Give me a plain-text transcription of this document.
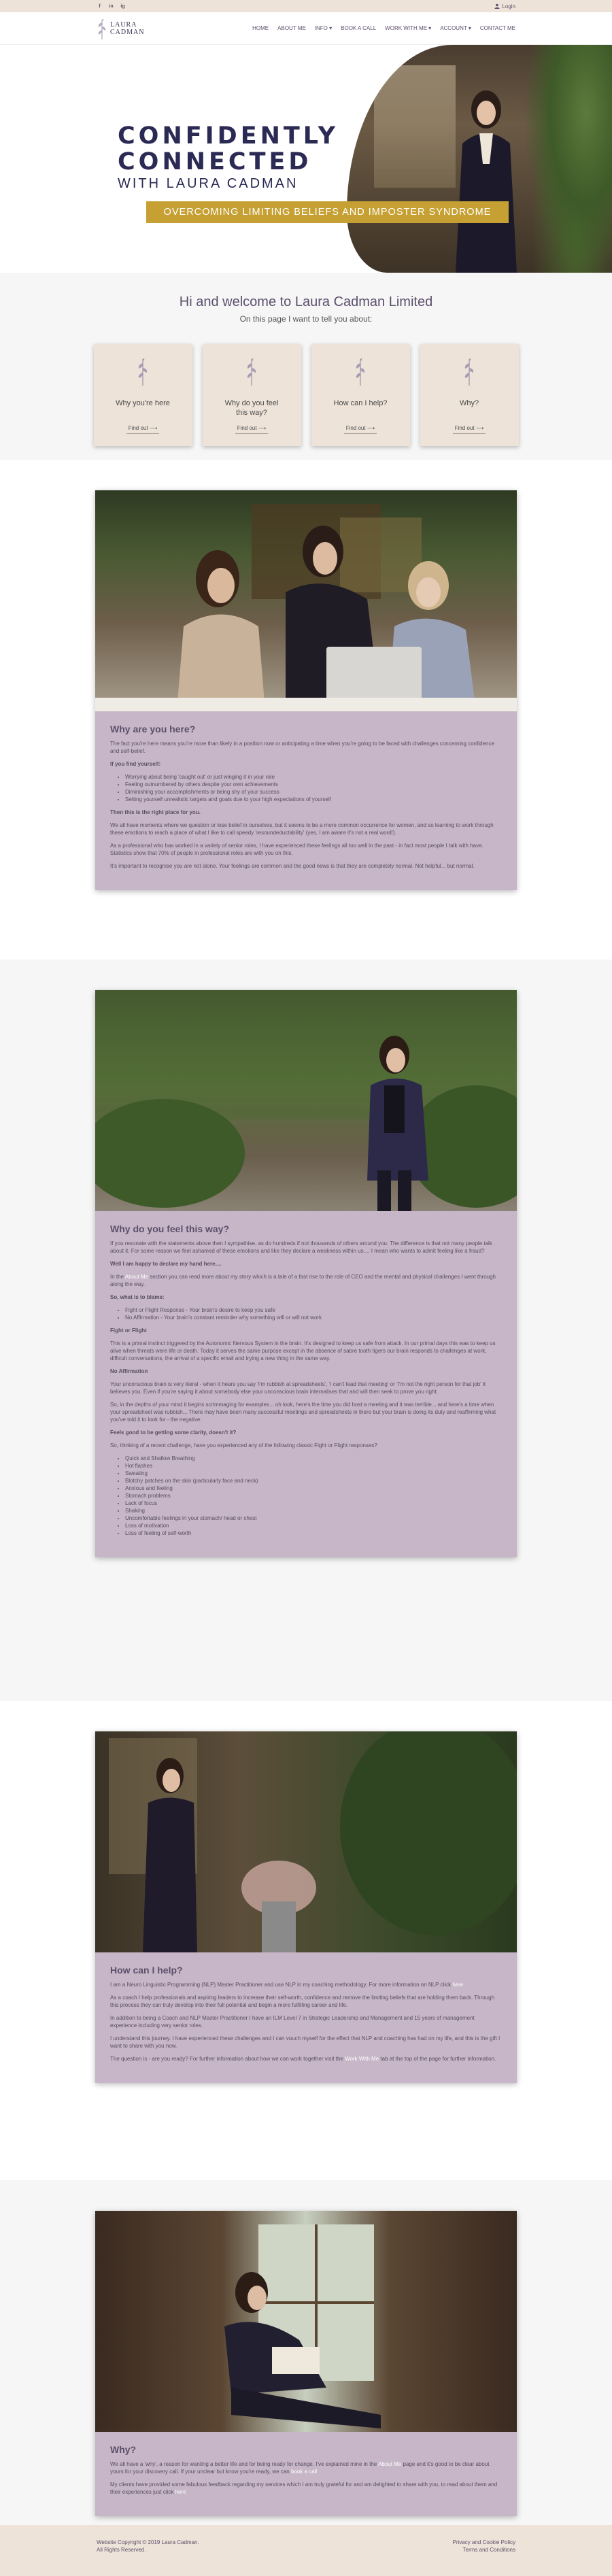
f	in ig	Login
LAURA
CADMAN	HOME ABOUT ME INFO ▾ BOOK A CALL WORK WITH ME ▾ ACCOUNT ▾ CONTACT ME
CONFIDENTLY
CONNECTED
WITH LAURA CADMAN
OVERCOMING LIMITING BELIEFS AND IMPOSTER SYNDROME
Hi and welcome to Laura Cadman Limited

On this page I want to tell you about:

Why you're here
Find out ⟶
Why do you feel this way?
Find out ⟶
How can I help?
Find out ⟶
Why?
Find out ⟶
Why are you here?

The fact you're here means you're more than likely in a position now or anticipating a time when you're going to be faced with challenges concerning confidence and self-belief.

If you find yourself:

• Worrying about being 'caught out' or just winging it in your role
• Feeling outnumbered by others despite your own achievements
• Diminishing your accomplishments or being shy of your success
• Setting yourself unrealistic targets and goals due to your high expectations of yourself

Then this is the right place for you.

We all have moments where we question or lose belief in ourselves, but it seems to be a more common occurrence for women, and so learning to work through these emotions to reach a place of what I like to call speedy 'resoundeductability' (yes, I am aware it's not a real word!).

As a professional who has worked in a variety of senior roles, I have experienced these feelings all too well in the past - in fact most people I talk with have. Statistics show that 70% of people in professional roles are with you on this.

It's important to recognise you are not alone. Your feelings are common and the good news is that they are completely normal. Not helpful... but normal.

Why do you feel this way?

If you resonate with the statements above then I sympathise, as do hundreds if not thousands of others around you. The difference is that not many people talk about it. For some reason we feel ashamed of these emotions and like they declare a weakness within us.... I mean who wants to admit feeling like a fraud?

Well I am happy to declare my hand here....

In the About Me section you can read more about my story which is a tale of a fast rise to the role of CEO and the mental and physical challenges I went through along the way.

So, what is to blame:

• Fight or Flight Response - Your brain's desire to keep you safe
• No Affirmation - Your brain's constant reminder why something will or will not work

Fight or Flight

This is a primal instinct triggered by the Autonomic Nervous System in the brain. It's designed to keep us safe from attack. In our primal days this was to keep us alive when threats were life or death. Today it serves the same purpose except in the absence of sabre tooth tigers our brain responds to challenges at work, difficult conversations, the arrival of a specific email and trying a new thing in the same way.

No Affirmation

Your unconscious brain is very literal - when it hears you say 'I'm rubbish at spreadsheets', 'I can't lead that meeting' or 'I'm not the right person for that job' it believes you. Even if you're saying it about somebody else your unconscious brain internalises that and will then seek to prove you right.

So, in the depths of your mind it begins scrimmaging for examples... oh look, here's the time you did host a meeting and it was terrible... and here's a time when your spreadsheet was rubbish... There may have been many successful meetings and spreadsheets in there but your brain is doing its duty and reaffirming what you've told it to look for - the negative.

Feels good to be getting some clarity, doesn't it?

So, thinking of a recent challenge, have you experienced any of the following classic Fight or Flight responses?

• Quick and Shallow Breathing
• Hot flashes
• Sweating
• Blotchy patches on the skin (particularly face and neck)
• Anxious and feeling
• Stomach problems
• Lack of focus
• Shaking
• Uncomfortable feelings in your stomach/ head or chest
• Loss of motivation
• Loss of feeling of self-worth
How can I help?

I am a Neuro Linguistic Programming (NLP) Master Practitioner and use NLP in my coaching methodology. For more information on NLP click here

As a coach I help professionals and aspiring leaders to increase their self-worth, confidence and remove the limiting beliefs that are holding them back. Through this process they can truly develop into their full potential and begin a more fulfilling career and life.

In addition to being a Coach and NLP Master Practitioner I have an ILM Level 7 in Strategic Leadership and Management and 15 years of management experience including very senior roles.

I understand this journey. I have experienced these challenges and I can vouch myself for the effect that NLP and coaching has had on my life, and this is the gift I want to share with you now.

The question is - are you ready? For further information about how we can work together visit the Work With Me tab at the top of the page for further information.

Why?

We all have a 'why', a reason for wanting a better life and for being ready for change. I've explained mine in the About Me page and it's good to be clear about yours for your discovery call. If your unclear but know you're ready, we can book a call

My clients have provided some fabulous feedback regarding my services which I am truly grateful for and am delighted to share with you, to read about them and their experiences just click here

Website Copyright © 2019 Laura Cadman.
All Rights Reserved.
Privacy and Cookie Policy
Terms and Conditions
